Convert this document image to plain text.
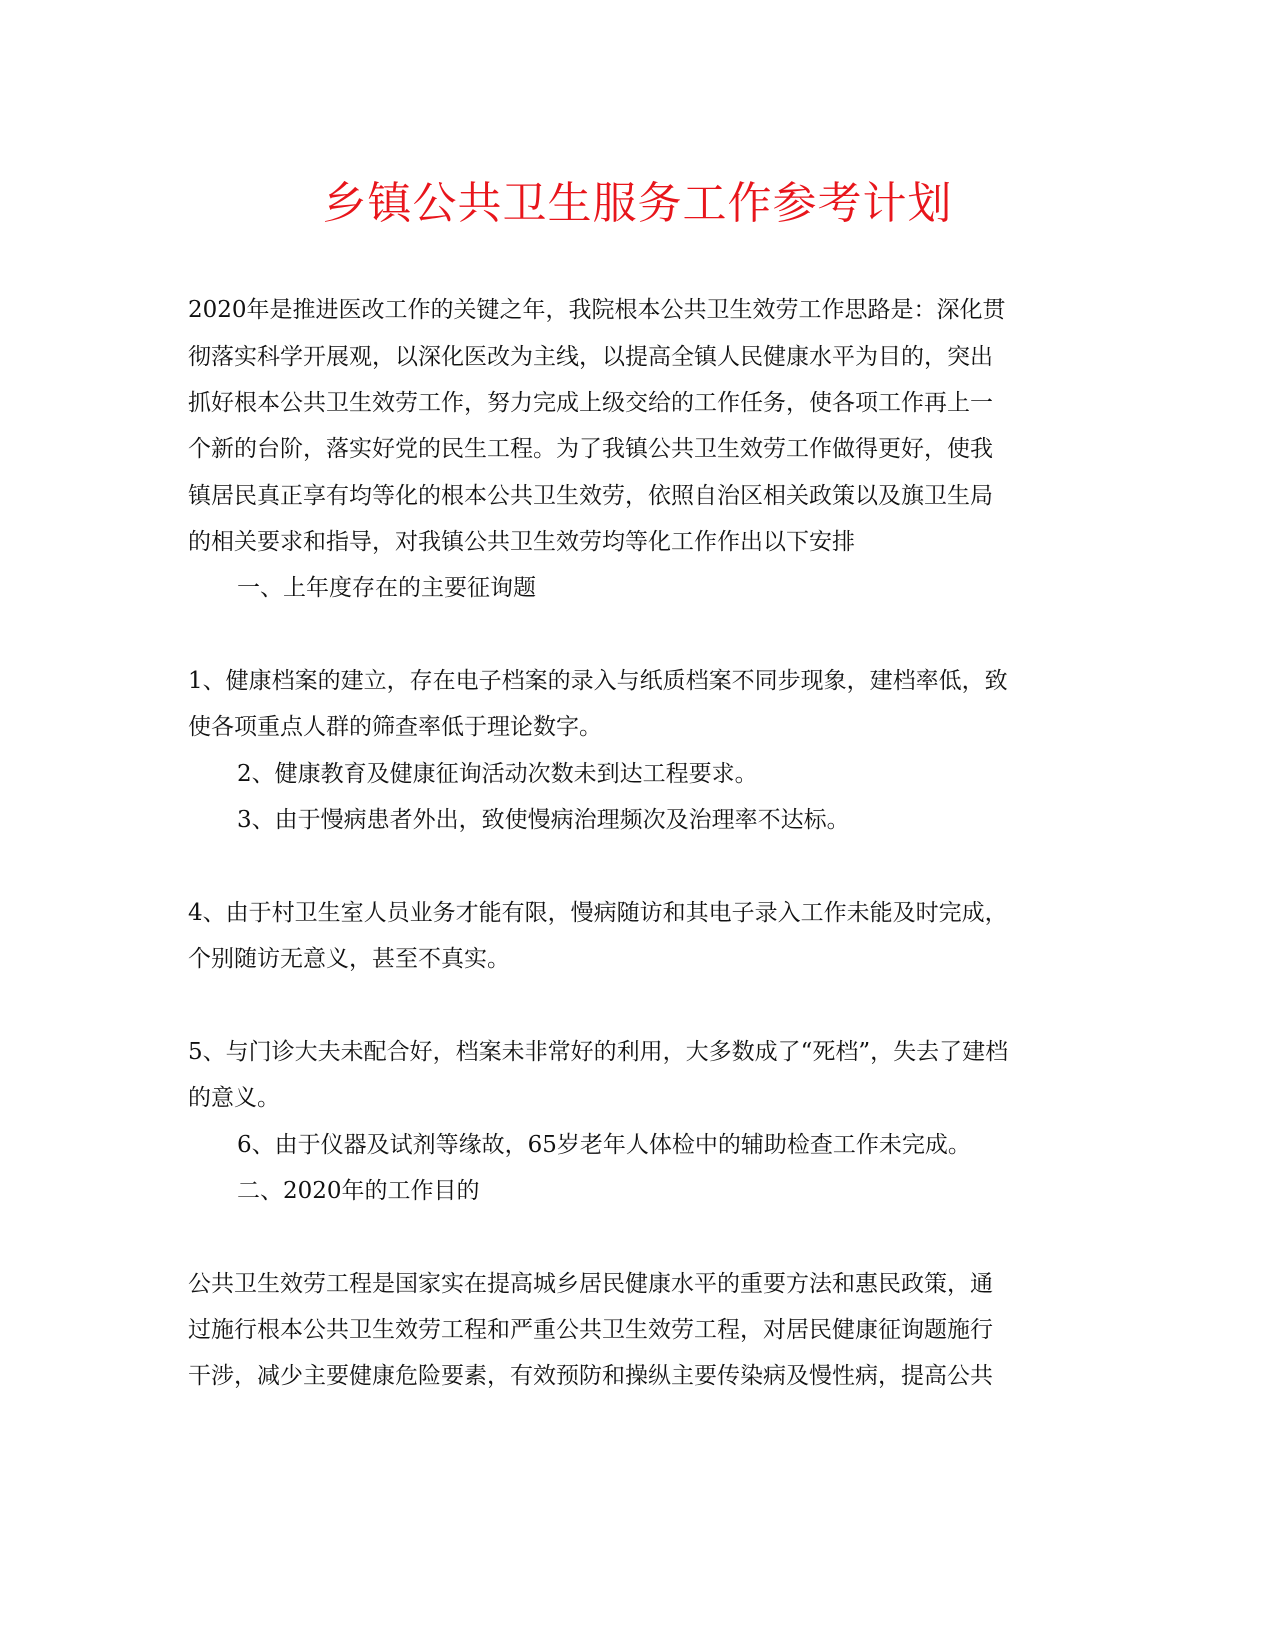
乡镇公共卫生服务工作参考计划
2020年是推进医改工作的关键之年，我院根本公共卫生效劳工作思路是：深化贯
彻落实科学开展观，以深化医改为主线，以提高全镇人民健康水平为目的，突出
抓好根本公共卫生效劳工作，努力完成上级交给的工作任务，使各项工作再上一
个新的台阶，落实好党的民生工程。为了我镇公共卫生效劳工作做得更好，使我
镇居民真正享有均等化的根本公共卫生效劳，依照自治区相关政策以及旗卫生局
的相关要求和指导，对我镇公共卫生效劳均等化工作作出以下安排
一、上年度存在的主要征询题
1、健康档案的建立，存在电子档案的录入与纸质档案不同步现象，建档率低，致
使各项重点人群的筛查率低于理论数字。
2、健康教育及健康征询活动次数未到达工程要求。
3、由于慢病患者外出，致使慢病治理频次及治理率不达标。
4、由于村卫生室人员业务才能有限，慢病随访和其电子录入工作未能及时完成，
个别随访无意义，甚至不真实。
5、与门诊大夫未配合好，档案未非常好的利用，大多数成了“死档”，失去了建档
的意义。
6、由于仪器及试剂等缘故，65岁老年人体检中的辅助检查工作未完成。
二、2020年的工作目的
公共卫生效劳工程是国家实在提高城乡居民健康水平的重要方法和惠民政策，通
过施行根本公共卫生效劳工程和严重公共卫生效劳工程，对居民健康征询题施行
干涉，减少主要健康危险要素，有效预防和操纵主要传染病及慢性病，提高公共
